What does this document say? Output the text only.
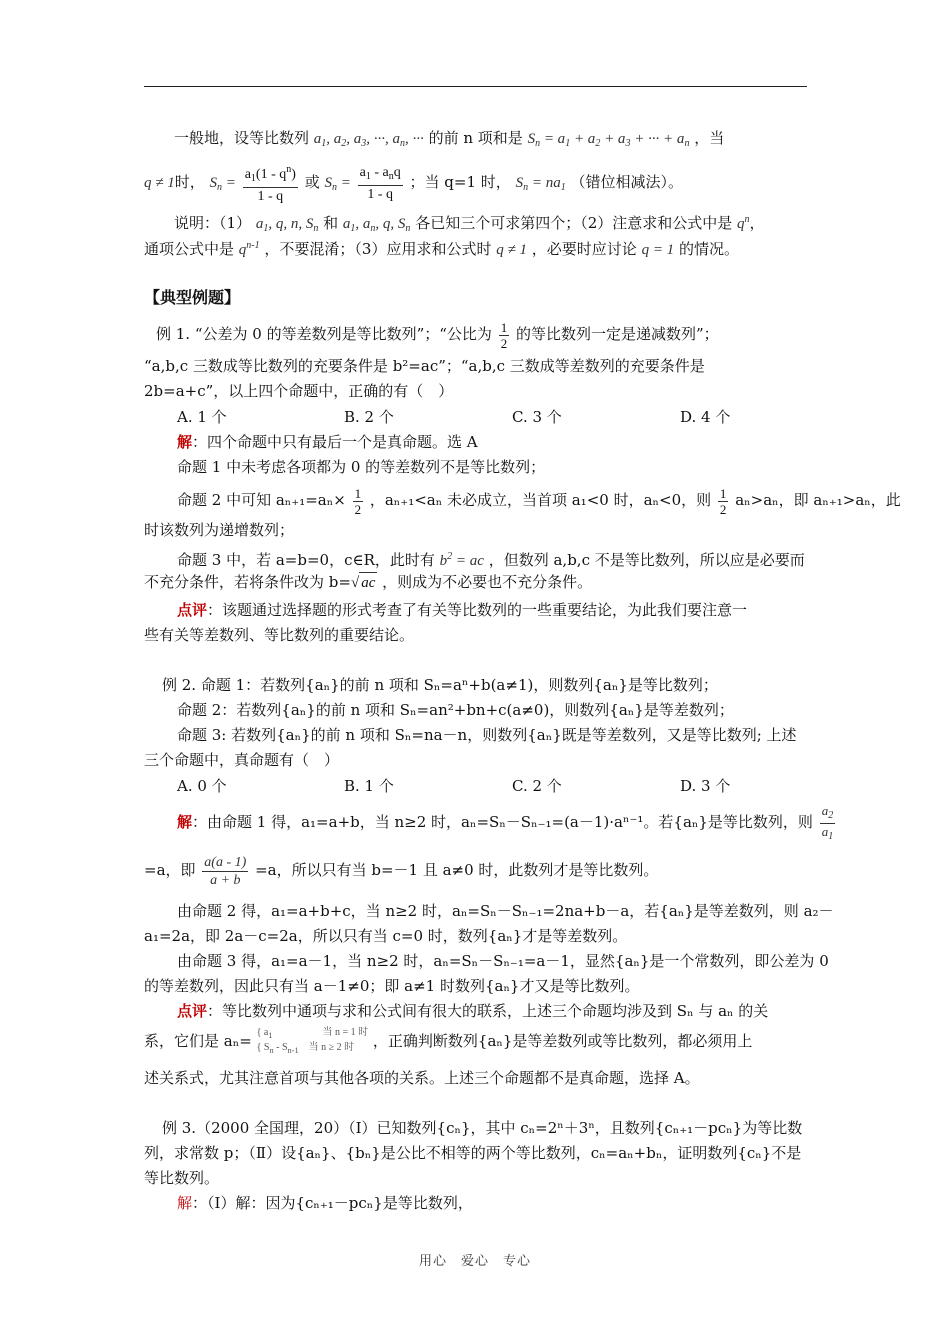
一般地，设等比数列 $a_1$, $a_2$, $a_3$, ···, $a_n$, ··· 的前 n 项和是 $S_n = a_1 + a_2 + a_3$ + ··· + $a_n$ ，当
q ≠ 1时， $S_n = \frac{a_1(1 - q^n)}{1 - q}$ 或 $S_n = \frac{a_1 - a_nq}{1 - q}$ ；当 q=1 时， $S_n = na_1$ （错位相减法）。
说明：（1） $a_1$, q, n, $S_n$ 和 $a_1$, $a_n$, q, $S_n$ 各已知三个可求第四个；（2）注意求和公式中是 $q^n$，
通项公式中是 $q^{n-1}$ ，不要混淆；（3）应用求和公式时 q ≠ 1 ，必要时应讨论 q = 1 的情况。
【典型例题】
例 1. “公差为 0 的等差数列是等比数列”；“公比为 $\frac{1}{2}$ 的等比数列一定是递减数列”；
“a,b,c 三数成等比数列的充要条件是 b²=ac”；“a,b,c 三数成等差数列的充要条件是
2b=a+c”，以上四个命题中，正确的有（　）
A. 1 个	B. 2 个	C. 3 个	D. 4 个
解：四个命题中只有最后一个是真命题。选 A
命题 1 中未考虑各项都为 0 的等差数列不是等比数列；
命题 2 中可知 $a_{n+1}=a_n\times \frac{1}{2}$ ，aₙ₊₁<aₙ 未必成立，当首项 a₁<0 时，aₙ<0，则 $\frac{1}{2} a_n>a_n$，即 aₙ₊₁>aₙ，此
时该数列为递增数列；
命题 3 中，若 a=b=0，c∈R，此时有 $b^2$ = ac ，但数列 a,b,c 不是等比数列，所以应是必要而
不充分条件，若将条件改为 b=√ ac ，则成为不必要也不充分条件。
点评：该题通过选择题的形式考查了有关等比数列的一些重要结论，为此我们要注意一
些有关等差数列、等比数列的重要结论。
例 2. 命题 1：若数列{aₙ}的前 n 项和 Sₙ=aⁿ+b(a≠1)，则数列{aₙ}是等比数列；
命题 2：若数列{aₙ}的前 n 项和 Sₙ=an²+bn+c(a≠0)，则数列{aₙ}是等差数列；
命题 3: 若数列{aₙ}的前 n 项和 Sₙ=na－n，则数列{aₙ}既是等差数列，又是等比数列; 上述
三个命题中，真命题有（　）
A. 0 个	B. 1 个	C. 2 个	D. 3 个
解：由命题 1 得，a₁=a+b，当 n≥2 时，aₙ=Sₙ－Sₙ₋₁=(a－1)·aⁿ⁻¹。若{aₙ}是等比数列，则 $\frac{a_2}{a_1}$
=a，即 $\frac{a(a - 1)}{a + b} =a$，所以只有当 b=－1 且 a≠0 时，此数列才是等比数列。
由命题 2 得，a₁=a+b+c，当 n≥2 时，aₙ=Sₙ－Sₙ₋₁=2na+b－a，若{aₙ}是等差数列，则 a₂－
a₁=2a，即 2a－c=2a，所以只有当 c=0 时，数列{aₙ}才是等差数列。
由命题 3 得，a₁=a－1，当 n≥2 时，aₙ=Sₙ－Sₙ₋₁=a－1，显然{aₙ}是一个常数列，即公差为 0
的等差数列，因此只有当 a－1≠0；即 a≠1 时数列{aₙ}才又是等比数列。
点评：等比数列中通项与求和公式间有很大的联系，上述三个命题均涉及到 Sₙ 与 aₙ 的关
系，它们是 aₙ= { $a_1$　　　　　当 n = 1 时
{ $S_n - S_{n-1}$　当 n ≥ 2 时 ，正确判断数列{aₙ}是等差数列或等比数列，都必须用上
述关系式，尤其注意首项与其他各项的关系。上述三个命题都不是真命题，选择 A。
例 3.（2000 全国理，20）（Ⅰ）已知数列{cₙ}，其中 cₙ=2ⁿ＋3ⁿ，且数列{cₙ₊₁－pcₙ}为等比数
列，求常数 p；（Ⅱ）设{aₙ}、{bₙ}是公比不相等的两个等比数列，cₙ=aₙ+bₙ，证明数列{cₙ}不是
等比数列。
解：（Ⅰ）解：因为{cₙ₊₁－pcₙ}是等比数列，
用心　爱心　专心
